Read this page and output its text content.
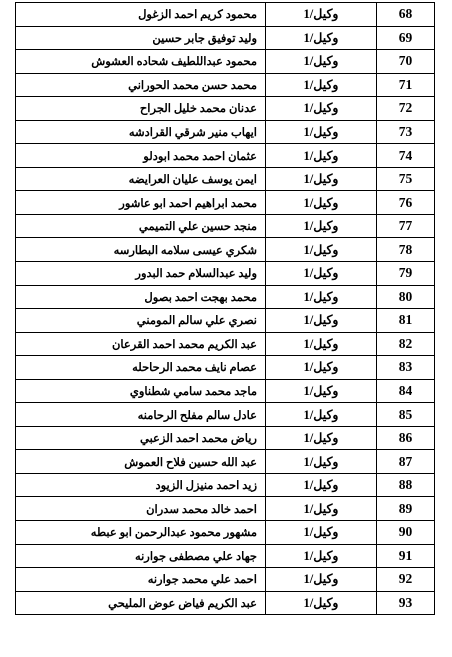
محمود كريم احمد الزغول	وكيل/1	68
وليد توفيق جابر حسين	وكيل/1	69
محمود عبداللطيف شحاده العشوش	وكيل/1	70
محمد حسن محمد الحوراني	وكيل/1	71
عدنان محمد خليل الجراح	وكيل/1	72
ايهاب منير شرقي القرادشه	وكيل/1	73
عثمان احمد محمد ابودلو	وكيل/1	74
ايمن يوسف عليان العرايضه	وكيل/1	75
محمد ابراهيم احمد ابو عاشور	وكيل/1	76
منجد حسين علي التميمي	وكيل/1	77
شكري عيسى سلامه البطارسه	وكيل/1	78
وليد عبدالسلام حمد البدور	وكيل/1	79
محمد بهجت احمد بصول	وكيل/1	80
نصري علي سالم المومني	وكيل/1	81
عبد الكريم محمد احمد القرعان	وكيل/1	82
عصام نايف محمد الرحاحله	وكيل/1	83
ماجد محمد سامي شطناوي	وكيل/1	84
عادل سالم مفلح الرحامنه	وكيل/1	85
رياض محمد احمد الزعبي	وكيل/1	86
عبد الله حسين فلاح العموش	وكيل/1	87
زيد احمد منيزل الزيود	وكيل/1	88
احمد خالد محمد سدران	وكيل/1	89
مشهور محمود عبدالرحمن ابو عبطه	وكيل/1	90
جهاد علي مصطفى جوارنه	وكيل/1	91
احمد علي محمد جوارنه	وكيل/1	92
عبد الكريم فياض عوض المليحي	وكيل/1	93
